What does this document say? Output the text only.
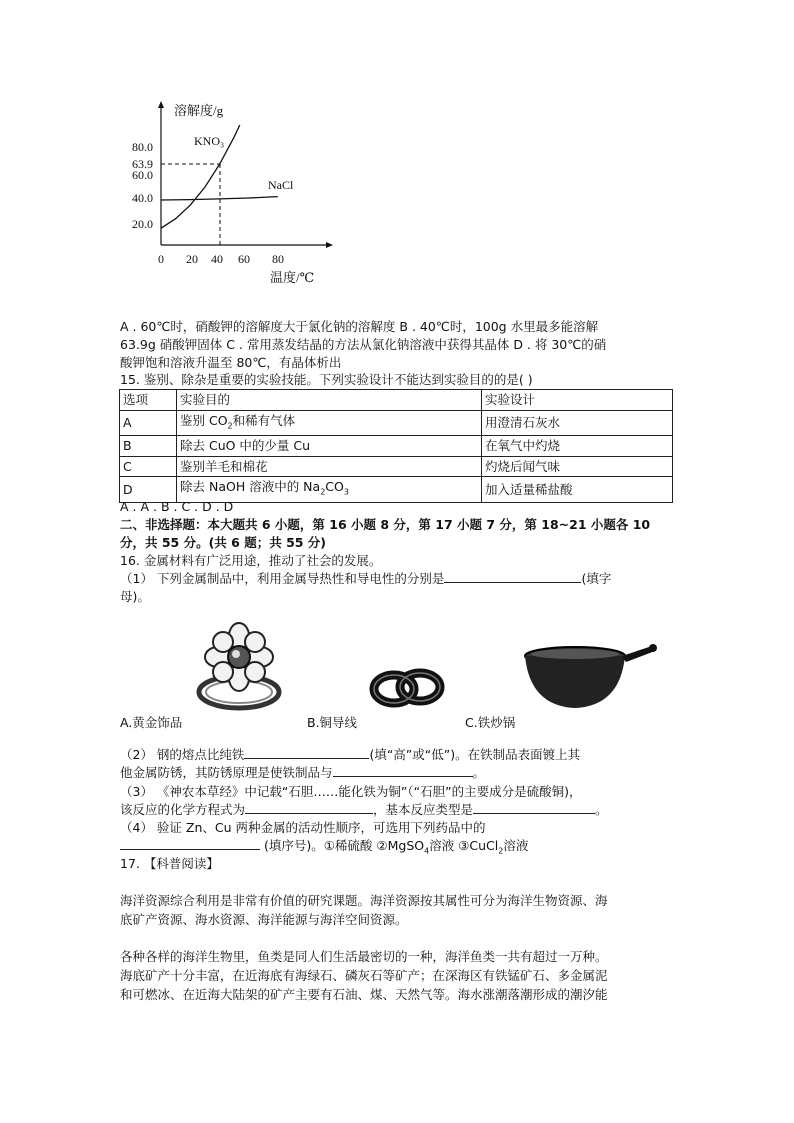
溶解度/g
温度/℃
0 20 40 60 80
20.0
40.0
60.0
63.9
80.0	KNO₃
NaCl
A . 60℃时，硝酸钾的溶解度大于氯化钠的溶解度 B . 40℃时，100g 水里最多能溶解
63.9g 硝酸钾固体 C . 常用蒸发结晶的方法从氯化钠溶液中获得其晶体 D . 将 30℃的硝
酸钾饱和溶液升温至 80℃，有晶体析出
15. 鉴别、除杂是重要的实验技能。下列实验设计不能达到实验目的的是( )
选项	实验目的	实验设计
A	鉴别 $CO_2$和稀有气体	用澄清石灰水
B	除去 CuO 中的少量 Cu	在氧气中灼烧
C	鉴别羊毛和棉花	灼烧后闻气味
D	除去 NaOH 溶液中的 $Na_2CO_3$	加入适量稀盐酸
A . A . B . C . D . D
二、非选择题：本大题共 6 小题，第 16 小题 8 分，第 17 小题 7 分，第 18~21 小题各 10
分，共 55 分。(共 6 题；共 55 分)
16. 金属材料有广泛用途，推动了社会的发展。
（1） 下列金属制品中，利用金属导热性和导电性的分别是	(填字
母)。
A.黄金饰品	B.铜导线	C.铁炒锅
（2） 钢的熔点比纯铁	(填“高”或“低”)。在铁制品表面镀上其
他金属防锈，其防锈原理是使铁制品与	。
（3） 《神农本草经》中记载“石胆……能化铁为铜”（“石胆”的主要成分是硫酸铜)，
该反应的化学方程式为	，基本反应类型是	。
（4） 验证 Zn、Cu 两种金属的活动性顺序，可选用下列药品中的
(填序号)。①稀硫酸 ②MgSO$_4$溶液 ③CuCl$_2$溶液
17. 【科普阅读】
海洋资源综合利用是非常有价值的研究课题。海洋资源按其属性可分为海洋生物资源、海
底矿产资源、海水资源、海洋能源与海洋空间资源。
各种各样的海洋生物里，鱼类是同人们生活最密切的一种，海洋鱼类一共有超过一万种。
海底矿产十分丰富，在近海底有海绿石、磷灰石等矿产；在深海区有铁锰矿石、多金属泥
和可燃冰、在近海大陆架的矿产主要有石油、煤、天然气等。海水涨潮落潮形成的潮汐能
